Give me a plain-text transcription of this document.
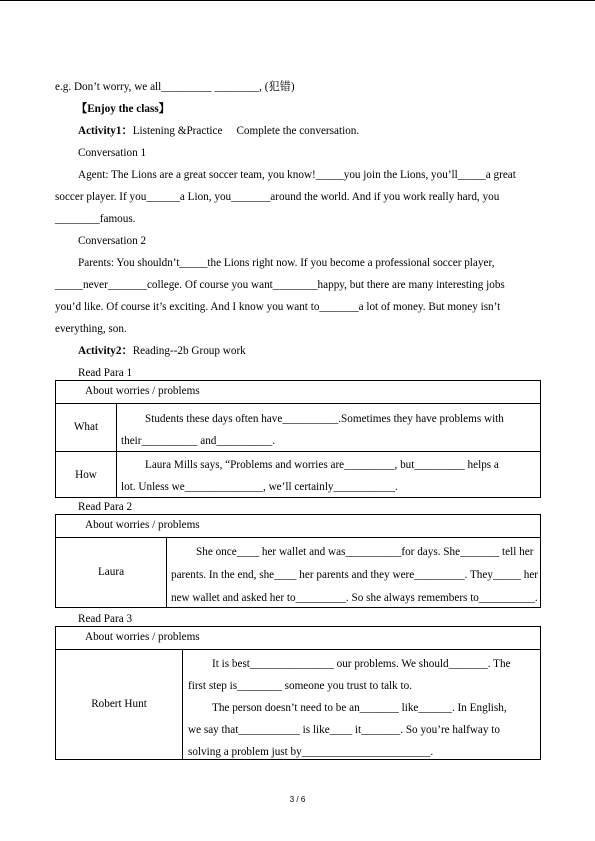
e.g. Don’t worry, we all_________ ________, (犯错)
【Enjoy the class】
Activity1：Listening &Practice     Complete the conversation.
Conversation 1
Agent: The Lions are a great soccer team, you know!_____you join the Lions, you’ll_____a great
soccer player. If you______a Lion, you_______around the world. And if you work really hard, you
________famous.
Conversation 2
Parents: You shouldn’t_____the Lions right now. If you become a professional soccer player,
_____never_______college. Of course you want________happy, but there are many interesting jobs
you’d like. Of course it’s exciting. And I know you want to_______a lot of money. But money isn’t
everything, son.
Activity2：Reading--2b Group work
Read Para 1
About worries / problems
What
Students these days often have__________.Sometimes they have problems with
their__________ and__________.
How
Laura Mills says, “Problems and worries are_________, but_________ helps a
lot. Unless we______________, we’ll certainly___________.
Read Para 2
About worries / problems
Laura
She once____ her wallet and was__________for days. She_______ tell her
parents. In the end, she____ her parents and they were_________. They_____ her
new wallet and asked her to_________. So she always remembers to__________.
Read Para 3
About worries / problems
Robert Hunt
It is best_______________ our problems. We should_______. The
first step is________ someone you trust to talk to.
The person doesn’t need to be an_______ like______. In English,
we say that___________ is like____ it_______. So you’re halfway to
solving a problem just by_______________________.
3 / 6
